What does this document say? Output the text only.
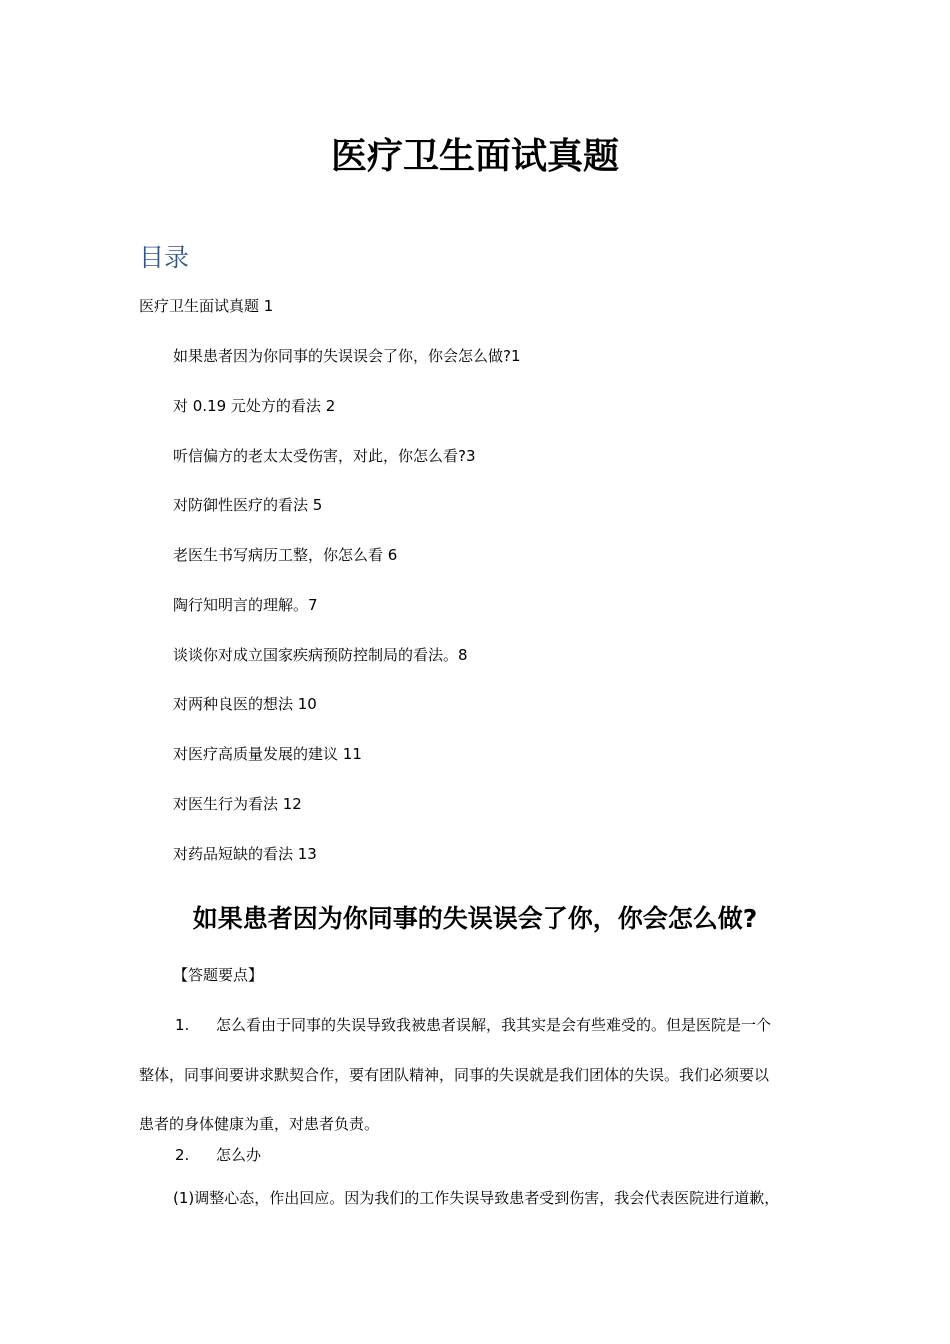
医疗卫生面试真题
目录
医疗卫生面试真题 1
如果患者因为你同事的失误误会了你，你会怎么做?1
对 0.19 元处方的看法 2
听信偏方的老太太受伤害，对此，你怎么看?3
对防御性医疗的看法 5
老医生书写病历工整，你怎么看 6
陶行知明言的理解。7
谈谈你对成立国家疾病预防控制局的看法。8
对两种良医的想法 10
对医疗高质量发展的建议 11
对医生行为看法 12
对药品短缺的看法 13
如果患者因为你同事的失误误会了你，你会怎么做?
【答题要点】
1. 怎么看由于同事的失误导致我被患者误解，我其实是会有些难受的。但是医院是一个
整体，同事间要讲求默契合作，要有团队精神，同事的失误就是我们团体的失误。我们必须要以
患者的身体健康为重，对患者负责。
2. 怎么办
(1)调整心态，作出回应。因为我们的工作失误导致患者受到伤害，我会代表医院进行道歉，
